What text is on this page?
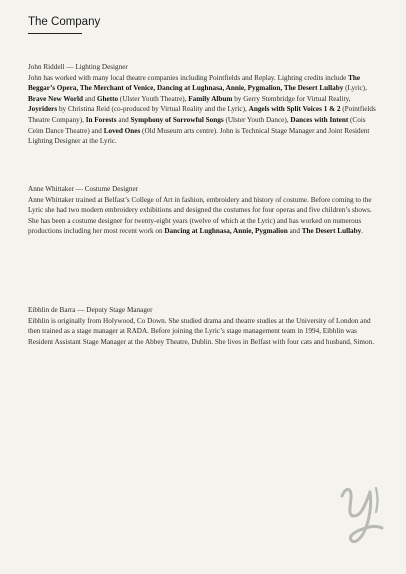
The Company

John Riddell — Lighting Designer

John has worked with many local theatre companies including Pointfields and Replay. Lighting credits include The Beggar’s Opera, The Merchant of Venice, Dancing at Lughnasa, Annie, Pygmalion, The Desert Lullaby (Lyric), Brave New World and Ghetto (Ulster Youth Theatre), Family Album by Gerry Stembridge for Virtual Reality, Joyriders by Christina Reid (co-produced by Virtual Reality and the Lyric), Angels with Split Voices 1 & 2 (Pointfields Theatre Company), In Forests and Symphony of Sorrowful Songs (Ulster Youth Dance), Dances with Intent (Cois Ceim Dance Theatre) and Loved Ones (Old Museum arts centre). John is Technical Stage Manager and Joint Resident Lighting Designer at the Lyric.

Anne Whittaker — Costume Designer

Anne Whittaker trained at Belfast’s College of Art in fashion, embroidery and history of costume. Before coming to the Lyric she had two modern embroidery exhibitions and designed the costumes for four operas and five children’s shows. She has been a costume designer for twenty-eight years (twelve of which at the Lyric) and has worked on numerous productions including her most recent work on Dancing at Lughnasa, Annie, Pygmalion and The Desert Lullaby.

Eibhlin de Barra — Deputy Stage Manager

Eibhlin is originally from Holywood, Co Down. She studied drama and theatre studies at the University of London and then trained as a stage manager at RADA. Before joining the Lyric’s stage management team in 1994, Eibhlin was Resident Assistant Stage Manager at the Abbey Theatre, Dublin. She lives in Belfast with four cats and husband, Simon.
